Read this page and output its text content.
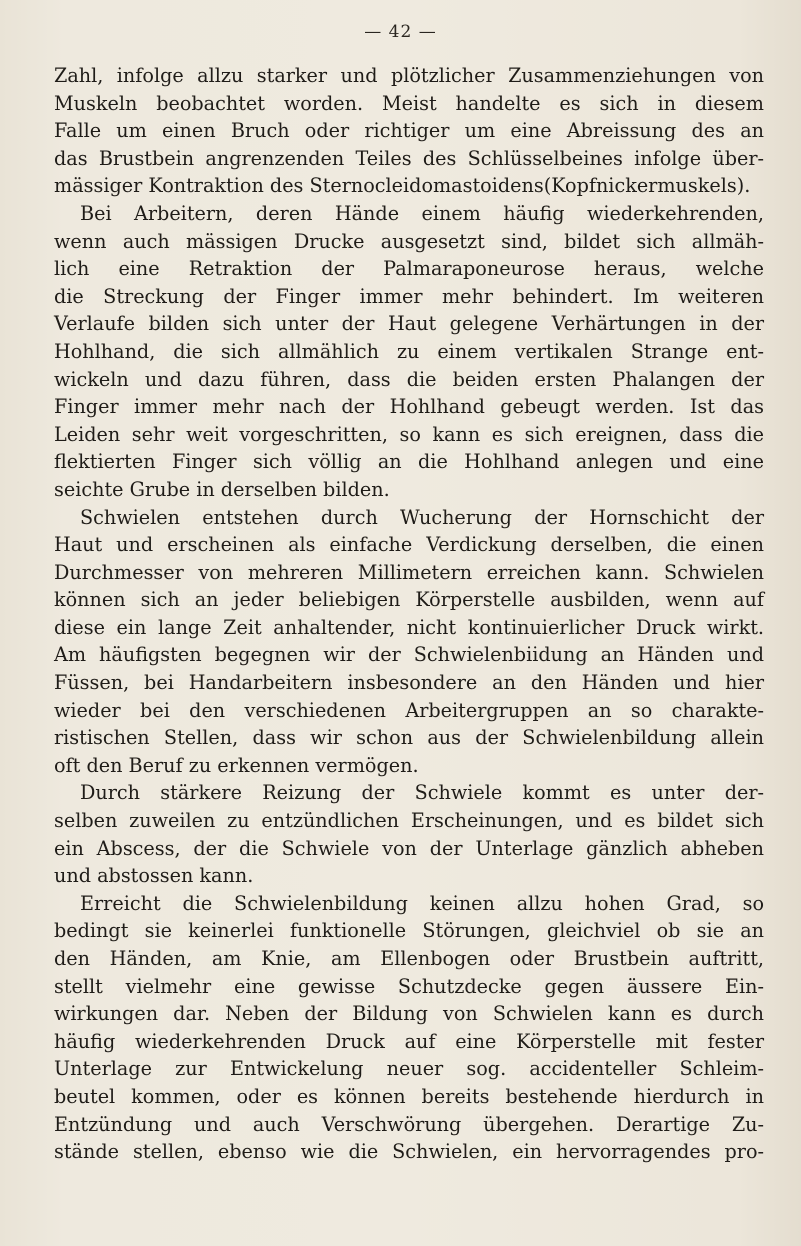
— 42 —
Zahl, infolge allzu starker und plötzlicher Zusammenziehungen von
Muskeln beobachtet worden. Meist handelte es sich in diesem
Falle um einen Bruch oder richtiger um eine Abreissung des an
das Brustbein angrenzenden Teiles des Schlüsselbeines infolge über-
mässiger Kontraktion des Sternocleidomastoidens(Kopfnickermuskels).
Bei Arbeitern, deren Hände einem häufig wiederkehrenden,
wenn auch mässigen Drucke ausgesetzt sind, bildet sich allmäh-
lich eine Retraktion der Palmaraponeurose heraus, welche
die Streckung der Finger immer mehr behindert. Im weiteren
Verlaufe bilden sich unter der Haut gelegene Verhärtungen in der
Hohlhand, die sich allmählich zu einem vertikalen Strange ent-
wickeln und dazu führen, dass die beiden ersten Phalangen der
Finger immer mehr nach der Hohlhand gebeugt werden. Ist das
Leiden sehr weit vorgeschritten, so kann es sich ereignen, dass die
flektierten Finger sich völlig an die Hohlhand anlegen und eine
seichte Grube in derselben bilden.
Schwielen entstehen durch Wucherung der Hornschicht der
Haut und erscheinen als einfache Verdickung derselben, die einen
Durchmesser von mehreren Millimetern erreichen kann. Schwielen
können sich an jeder beliebigen Körperstelle ausbilden, wenn auf
diese ein lange Zeit anhaltender, nicht kontinuierlicher Druck wirkt.
Am häufigsten begegnen wir der Schwielenbiidung an Händen und
Füssen, bei Handarbeitern insbesondere an den Händen und hier
wieder bei den verschiedenen Arbeitergruppen an so charakte-
ristischen Stellen, dass wir schon aus der Schwielenbildung allein
oft den Beruf zu erkennen vermögen.
Durch stärkere Reizung der Schwiele kommt es unter der-
selben zuweilen zu entzündlichen Erscheinungen, und es bildet sich
ein Abscess, der die Schwiele von der Unterlage gänzlich abheben
und abstossen kann.
Erreicht die Schwielenbildung keinen allzu hohen Grad, so
bedingt sie keinerlei funktionelle Störungen, gleichviel ob sie an
den Händen, am Knie, am Ellenbogen oder Brustbein auftritt,
stellt vielmehr eine gewisse Schutzdecke gegen äussere Ein-
wirkungen dar. Neben der Bildung von Schwielen kann es durch
häufig wiederkehrenden Druck auf eine Körperstelle mit fester
Unterlage zur Entwickelung neuer sog. accidenteller Schleim-
beutel kommen, oder es können bereits bestehende hierdurch in
Entzündung und auch Verschwörung übergehen. Derartige Zu-
stände stellen, ebenso wie die Schwielen, ein hervorragendes pro-
